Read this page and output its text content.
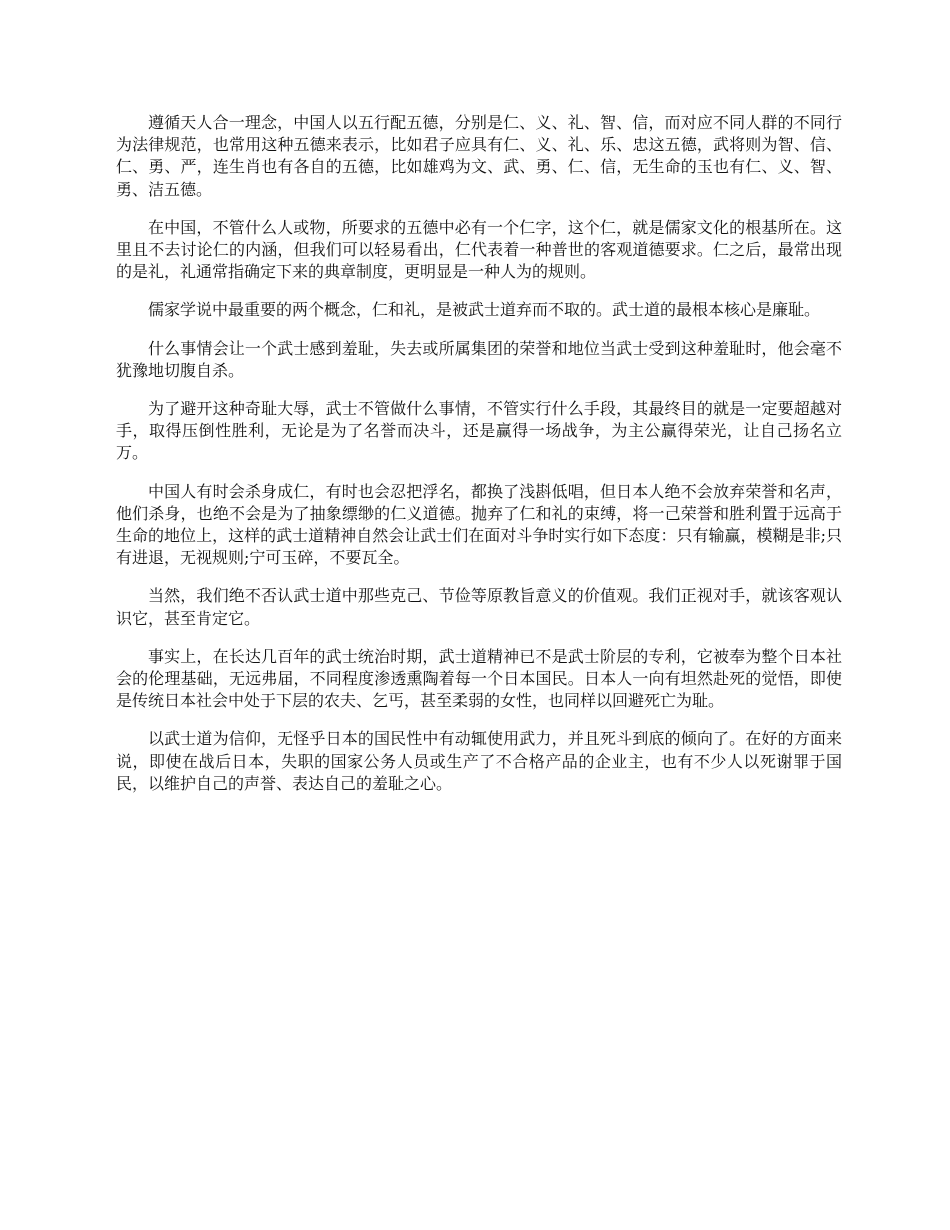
遵循天人合一理念，中国人以五行配五德，分别是仁、义、礼、智、信，而对应不同人群的不同行为法律规范，也常用这种五德来表示，比如君子应具有仁、义、礼、乐、忠这五德，武将则为智、信、仁、勇、严，连生肖也有各自的五德，比如雄鸡为文、武、勇、仁、信，无生命的玉也有仁、义、智、勇、洁五德。

在中国，不管什么人或物，所要求的五德中必有一个仁字，这个仁，就是儒家文化的根基所在。这里且不去讨论仁的内涵，但我们可以轻易看出，仁代表着一种普世的客观道德要求。仁之后，最常出现的是礼，礼通常指确定下来的典章制度，更明显是一种人为的规则。

儒家学说中最重要的两个概念，仁和礼，是被武士道弃而不取的。武士道的最根本核心是廉耻。

什么事情会让一个武士感到羞耻，失去或所属集团的荣誉和地位当武士受到这种羞耻时，他会毫不犹豫地切腹自杀。

为了避开这种奇耻大辱，武士不管做什么事情，不管实行什么手段，其最终目的就是一定要超越对手，取得压倒性胜利，无论是为了名誉而决斗，还是赢得一场战争，为主公赢得荣光，让自己扬名立万。

中国人有时会杀身成仁，有时也会忍把浮名，都换了浅斟低唱，但日本人绝不会放弃荣誉和名声，他们杀身，也绝不会是为了抽象缥缈的仁义道德。抛弃了仁和礼的束缚，将一己荣誉和胜利置于远高于生命的地位上，这样的武士道精神自然会让武士们在面对斗争时实行如下态度：只有输赢，模糊是非;只有进退，无视规则;宁可玉碎，不要瓦全。

当然，我们绝不否认武士道中那些克己、节俭等原教旨意义的价值观。我们正视对手，就该客观认识它，甚至肯定它。

事实上，在长达几百年的武士统治时期，武士道精神已不是武士阶层的专利，它被奉为整个日本社会的伦理基础，无远弗届，不同程度渗透熏陶着每一个日本国民。日本人一向有坦然赴死的觉悟，即使是传统日本社会中处于下层的农夫、乞丐，甚至柔弱的女性，也同样以回避死亡为耻。

以武士道为信仰，无怪乎日本的国民性中有动辄使用武力，并且死斗到底的倾向了。在好的方面来说，即使在战后日本，失职的国家公务人员或生产了不合格产品的企业主，也有不少人以死谢罪于国民，以维护自己的声誉、表达自己的羞耻之心。
